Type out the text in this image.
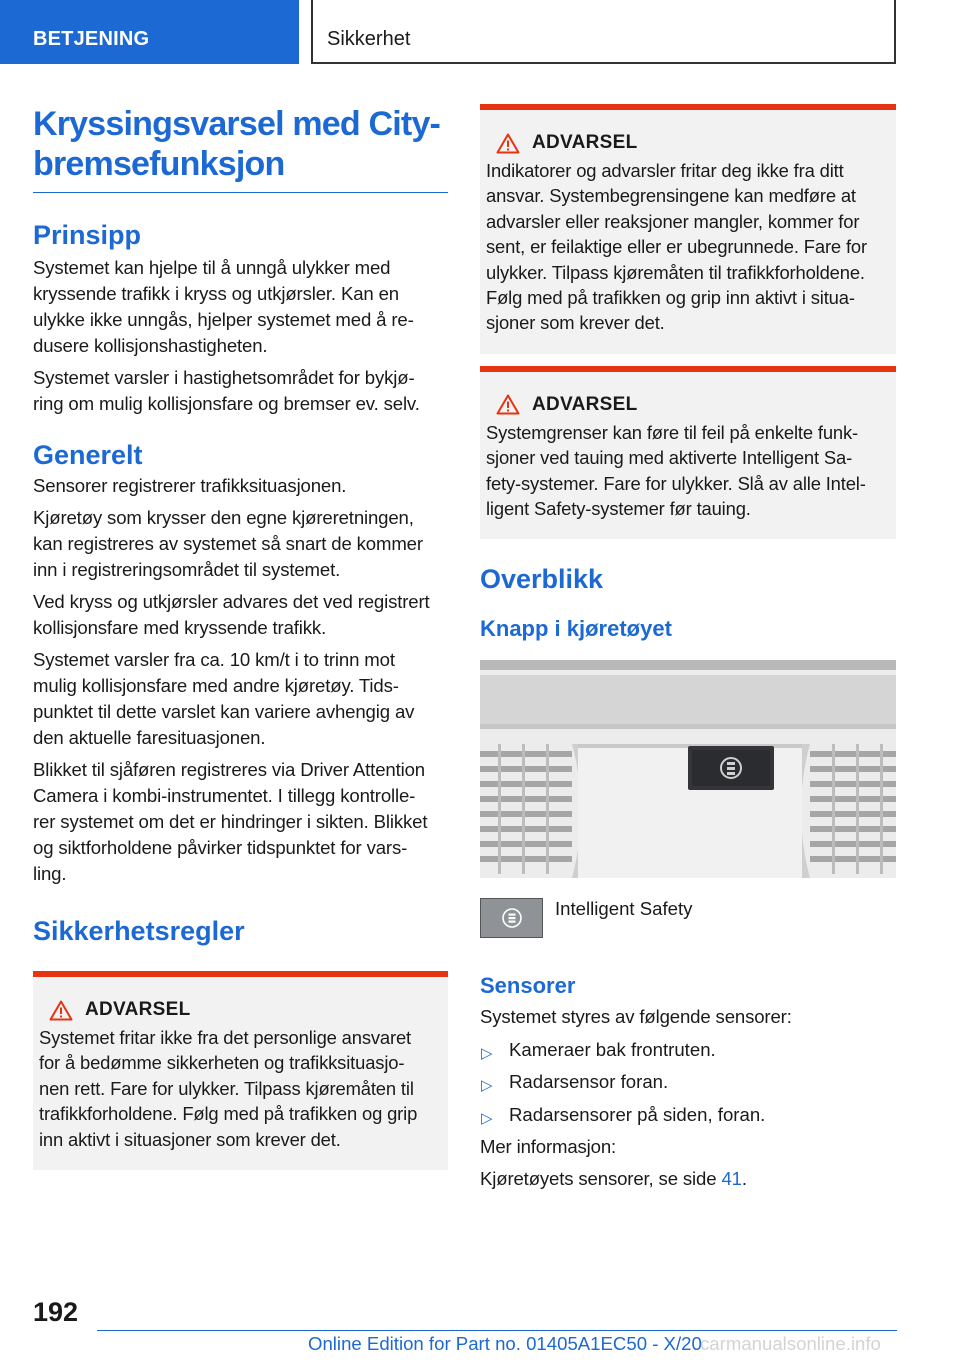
BETJENING	Sikkerhet
Kryssingsvarsel med City-
bremsefunksjon
Prinsipp

Systemet kan hjelpe til å unngå ulykker med
kryssende trafikk i kryss og utkjørsler. Kan en
ulykke ikke unngås, hjelper systemet med å re-
dusere kollisjonshastigheten.

Systemet varsler i hastighetsområdet for bykjø-
ring om mulig kollisjonsfare og bremser ev. selv.

Generelt

Sensorer registrerer trafikksituasjonen.

Kjøretøy som krysser den egne kjøreretningen,
kan registreres av systemet så snart de kommer
inn i registreringsområdet til systemet.

Ved kryss og utkjørsler advares det ved registrert
kollisjonsfare med kryssende trafikk.

Systemet varsler fra ca. 10 km/t i to trinn mot
mulig kollisjonsfare med andre kjøretøy. Tids-
punktet til dette varslet kan variere avhengig av
den aktuelle faresituasjonen.

Blikket til sjåføren registreres via Driver Attention
Camera i kombi-instrumentet. I tillegg kontrolle-
rer systemet om det er hindringer i sikten. Blikket
og siktforholdene påvirker tidspunktet for vars-
ling.

Sikkerhetsregler
ADVARSEL

Systemet fritar ikke fra det personlige ansvaret
for å bedømme sikkerheten og trafikksituasjo-
nen rett. Fare for ulykker. Tilpass kjøremåten til
trafikkforholdene. Følg med på trafikken og grip
inn aktivt i situasjoner som krever det.

ADVARSEL

Indikatorer og advarsler fritar deg ikke fra ditt
ansvar. Systembegrensingene kan medføre at
advarsler eller reaksjoner mangler, kommer for
sent, er feilaktige eller er ubegrunnede. Fare for
ulykker. Tilpass kjøremåten til trafikkforholdene.
Følg med på trafikken og grip inn aktivt i situa-
sjoner som krever det.

ADVARSEL

Systemgrenser kan føre til feil på enkelte funk-
sjoner ved tauing med aktiverte Intelligent Sa-
fety-systemer. Fare for ulykker. Slå av alle Intel-
ligent Safety-systemer før tauing.

Overblikk
Knapp i kjøretøyet
Intelligent Safety
Sensorer

Systemet styres av følgende sensorer:

▷ Kameraer bak frontruten.
▷ Radarsensor foran.
▷ Radarsensorer på siden, foran.

Mer informasjon:

Kjøretøyets sensorer, se side 41.

192
Online Edition for Part no. 01405A1EC50 - X/20
carmanualsonline.info
